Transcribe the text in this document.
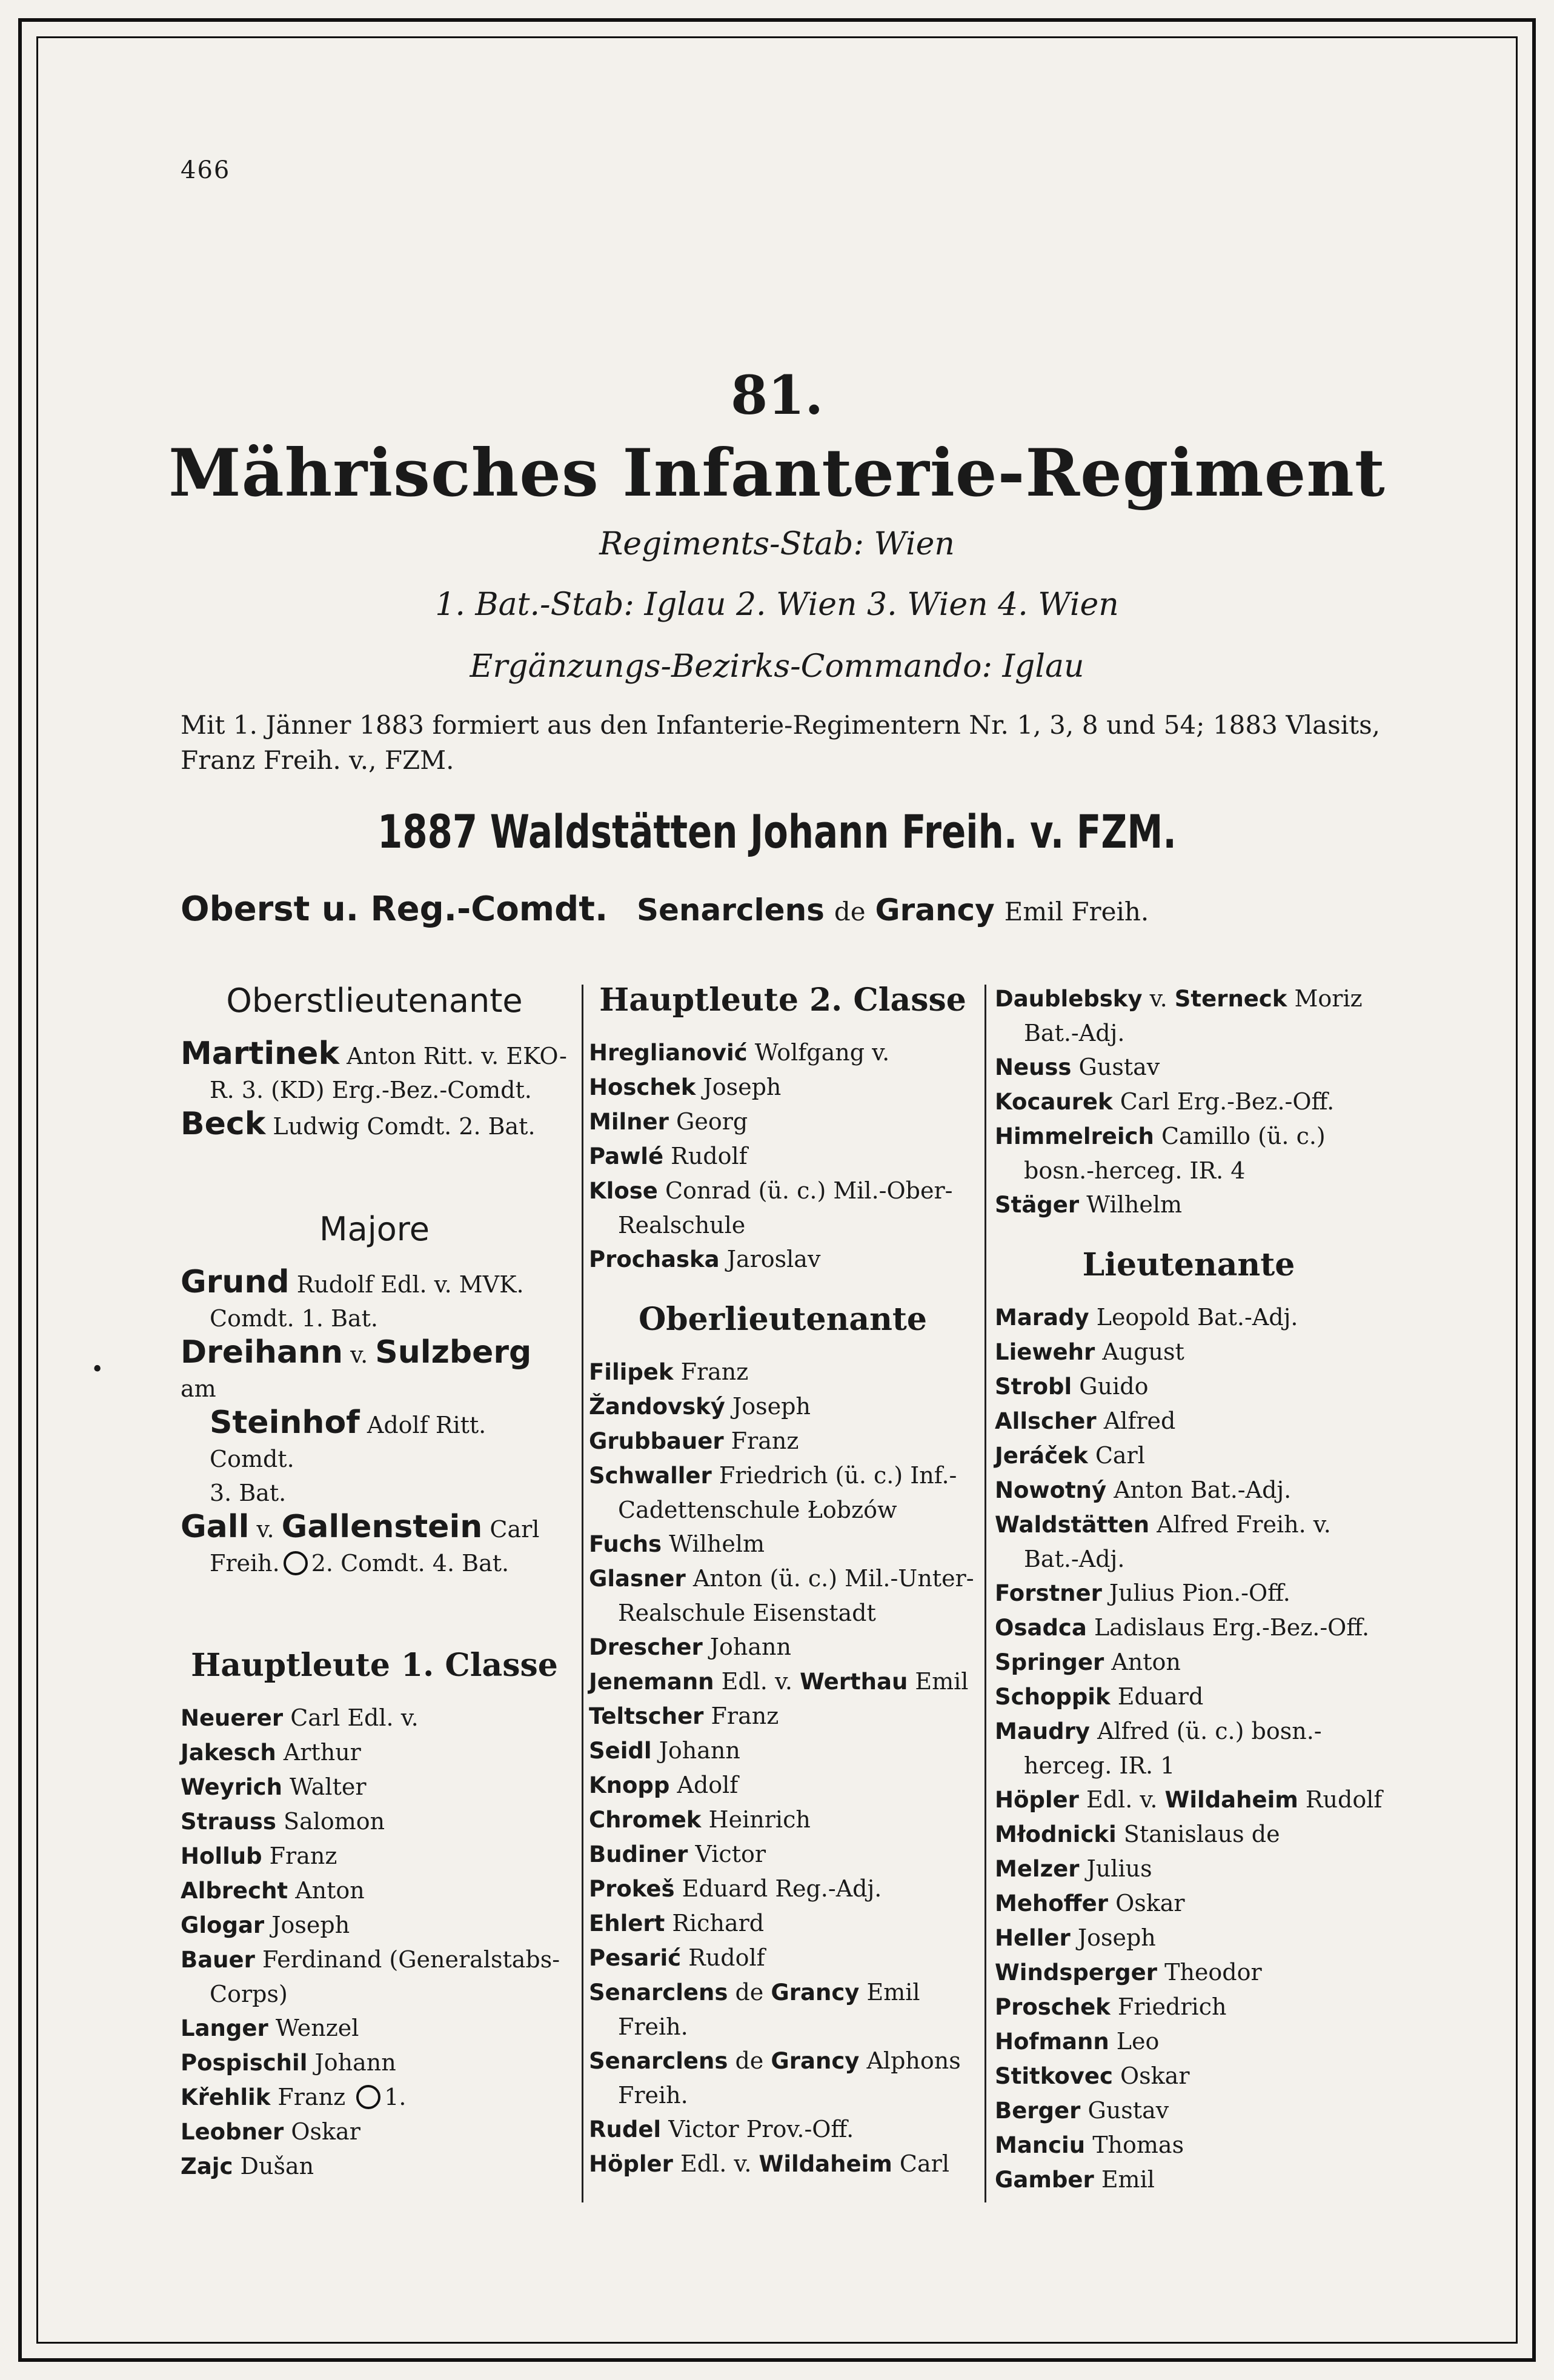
466
81.
Mährisches Infanterie-Regiment
Regiments-Stab: Wien
1. Bat.-Stab: Iglau 2. Wien 3. Wien 4. Wien
Ergänzungs-Bezirks-Commando: Iglau
Mit 1. Jänner 1883 formiert aus den Infanterie-Regimentern Nr. 1, 3, 8 und 54; 1883 Vlasits, Franz Freih. v., FZM.
1887 Waldstätten Johann Freih. v. FZM.
Oberst u. Reg.-Comdt. Senarclens de Grancy Emil Freih.
Oberstlieutenante
Martinek Anton Ritt. v. EKO-
R. 3. (KD) Erg.-Bez.-Comdt.
Beck Ludwig Comdt. 2. Bat.
Majore
Grund Rudolf Edl. v. MVK.
Comdt. 1. Bat.
Dreihann v. Sulzberg am
Steinhof Adolf Ritt. Comdt.
3. Bat.
Gall v. Gallenstein Carl
Freih. 2. Comdt. 4. Bat.
Hauptleute 1. Classe
Neuerer Carl Edl. v.
Jakesch Arthur
Weyrich Walter
Strauss Salomon
Hollub Franz
Albrecht Anton
Glogar Joseph
Bauer Ferdinand (Generalstabs-
Corps)
Langer Wenzel
Pospischil Johann
Křehlik Franz 1.
Leobner Oskar
Zajc Dušan
Hauptleute 2. Classe
Hreglianović Wolfgang v.
Hoschek Joseph
Milner Georg
Pawlé Rudolf
Klose Conrad (ü. c.) Mil.-Ober-
Realschule
Prochaska Jaroslav
Oberlieutenante
Filipek Franz
Žandovský Joseph
Grubbauer Franz
Schwaller Friedrich (ü. c.) Inf.-
Cadettenschule Łobzów
Fuchs Wilhelm
Glasner Anton (ü. c.) Mil.-Unter-
Realschule Eisenstadt
Drescher Johann
Jenemann Edl. v. Werthau Emil
Teltscher Franz
Seidl Johann
Knopp Adolf
Chromek Heinrich
Budiner Victor
Prokeš Eduard Reg.-Adj.
Ehlert Richard
Pesarić Rudolf
Senarclens de Grancy Emil
Freih.
Senarclens de Grancy Alphons
Freih.
Rudel Victor Prov.-Off.
Höpler Edl. v. Wildaheim Carl
Daublebsky v. Sterneck Moriz
Bat.-Adj.
Neuss Gustav
Kocaurek Carl Erg.-Bez.-Off.
Himmelreich Camillo (ü. c.)
bosn.-herceg. IR. 4
Stäger Wilhelm
Lieutenante
Marady Leopold Bat.-Adj.
Liewehr August
Strobl Guido
Allscher Alfred
Jeráček Carl
Nowotný Anton Bat.-Adj.
Waldstätten Alfred Freih. v.
Bat.-Adj.
Forstner Julius Pion.-Off.
Osadca Ladislaus Erg.-Bez.-Off.
Springer Anton
Schoppik Eduard
Maudry Alfred (ü. c.) bosn.-
herceg. IR. 1
Höpler Edl. v. Wildaheim Rudolf
Młodnicki Stanislaus de
Melzer Julius
Mehoffer Oskar
Heller Joseph
Windsperger Theodor
Proschek Friedrich
Hofmann Leo
Stitkovec Oskar
Berger Gustav
Manciu Thomas
Gamber Emil
•
